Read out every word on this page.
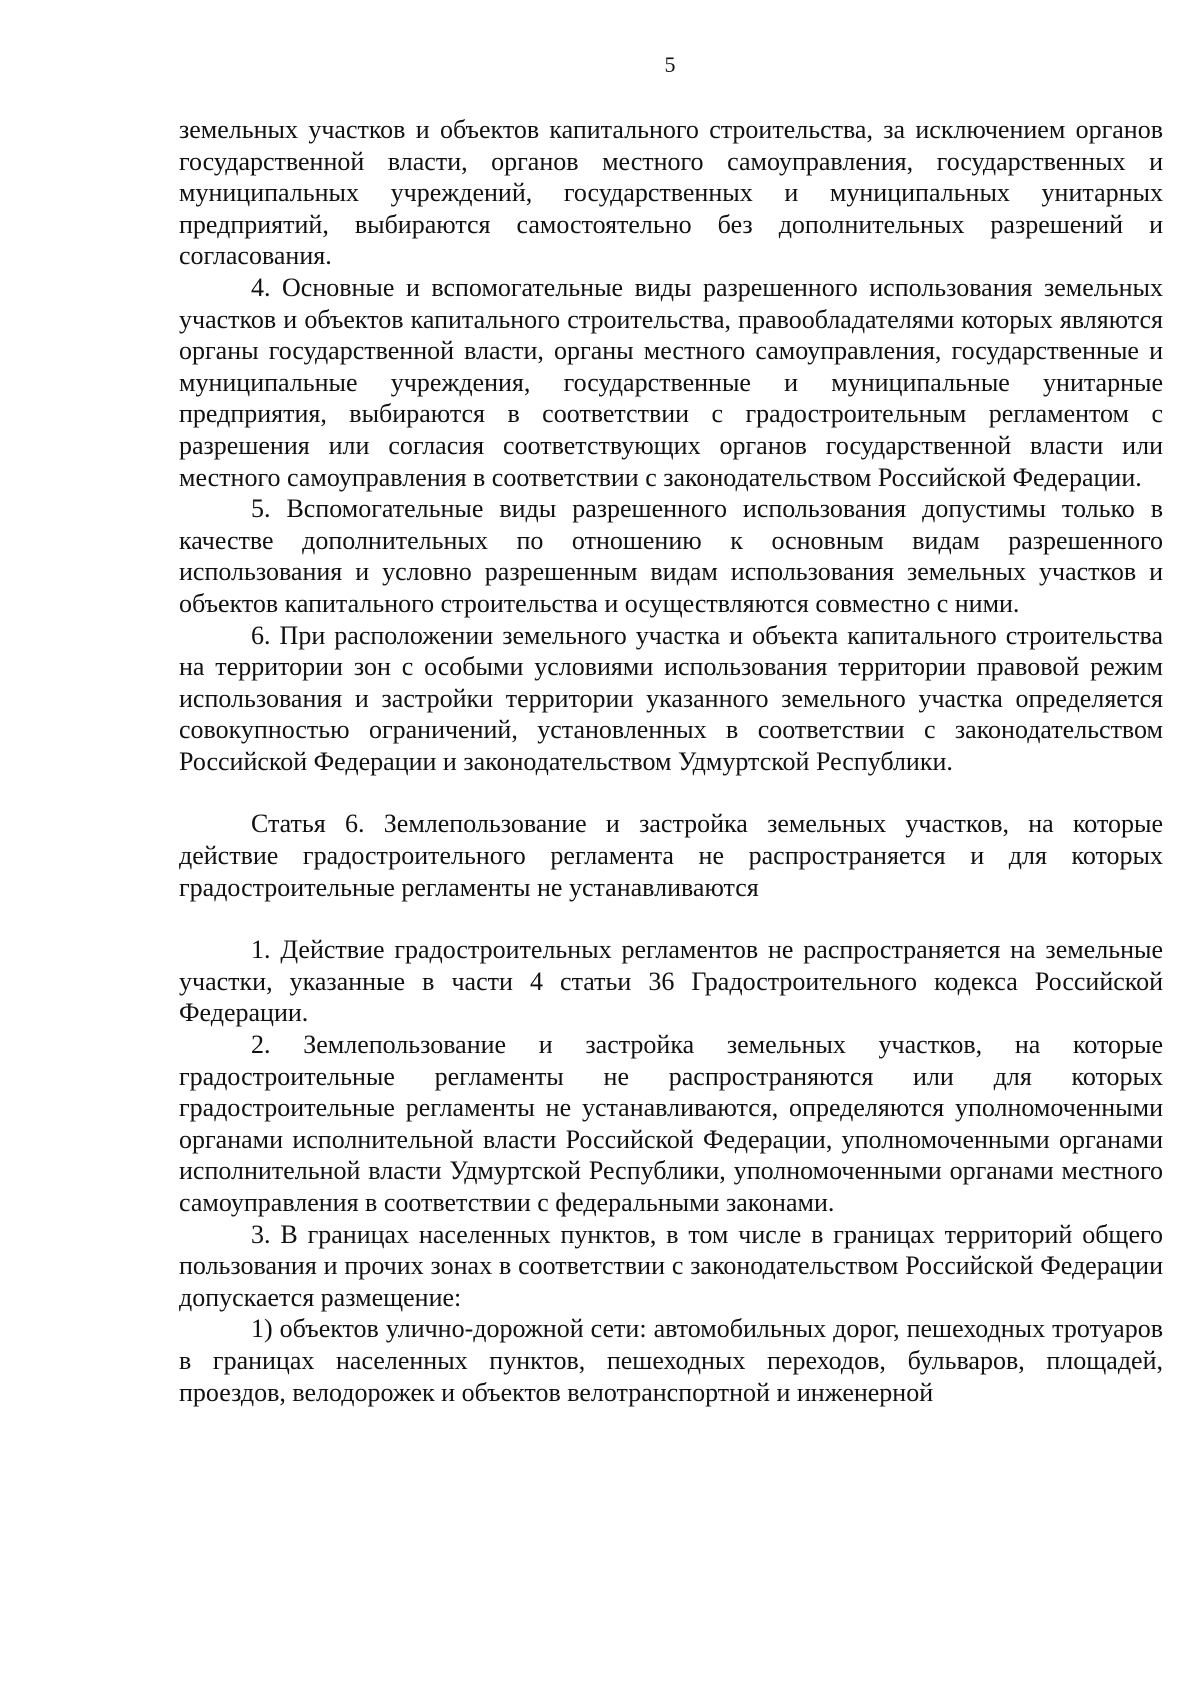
5

земельных участков и объектов капитального строительства, за исключением органов государственной власти, органов местного самоуправления, государственных и муниципальных учреждений, государственных и муниципальных унитарных предприятий, выбираются самостоятельно без дополнительных разрешений и согласования.

4. Основные и вспомогательные виды разрешенного использования земельных участков и объектов капитального строительства, правообладателями которых являются органы государственной власти, органы местного самоуправления, государственные и муниципальные учреждения, государственные и муниципальные унитарные предприятия, выбираются в соответствии с градостроительным регламентом с разрешения или согласия соответствующих органов государственной власти или местного самоуправления в соответствии с законодательством Российской Федерации.

5. Вспомогательные виды разрешенного использования допустимы только в качестве дополнительных по отношению к основным видам разрешенного использования и условно разрешенным видам использования земельных участков и объектов капитального строительства и осуществляются совместно с ними.

6. При расположении земельного участка и объекта капитального строительства на территории зон с особыми условиями использования территории правовой режим использования и застройки территории указанного земельного участка определяется совокупностью ограничений, установленных в соответствии с законодательством Российской Федерации и законодательством Удмуртской Республики.

Статья 6. Землепользование и застройка земельных участков, на которые действие градостроительного регламента не распространяется и для которых градостроительные регламенты не устанавливаются

1. Действие градостроительных регламентов не распространяется на земельные участки, указанные в части 4 статьи 36 Градостроительного кодекса Российской Федерации.

2. Землепользование и застройка земельных участков, на которые градостроительные регламенты не распространяются или для которых градостроительные регламенты не устанавливаются, определяются уполномоченными органами исполнительной власти Российской Федерации, уполномоченными органами исполнительной власти Удмуртской Республики, уполномоченными органами местного самоуправления в соответствии с федеральными законами.

3. В границах населенных пунктов, в том числе в границах территорий общего пользования и прочих зонах в соответствии с законодательством Российской Федерации допускается размещение:

1) объектов улично-дорожной сети: автомобильных дорог, пешеходных тротуаров в границах населенных пунктов, пешеходных переходов, бульваров, площадей, проездов, велодорожек и объектов велотранспортной и инженерной
